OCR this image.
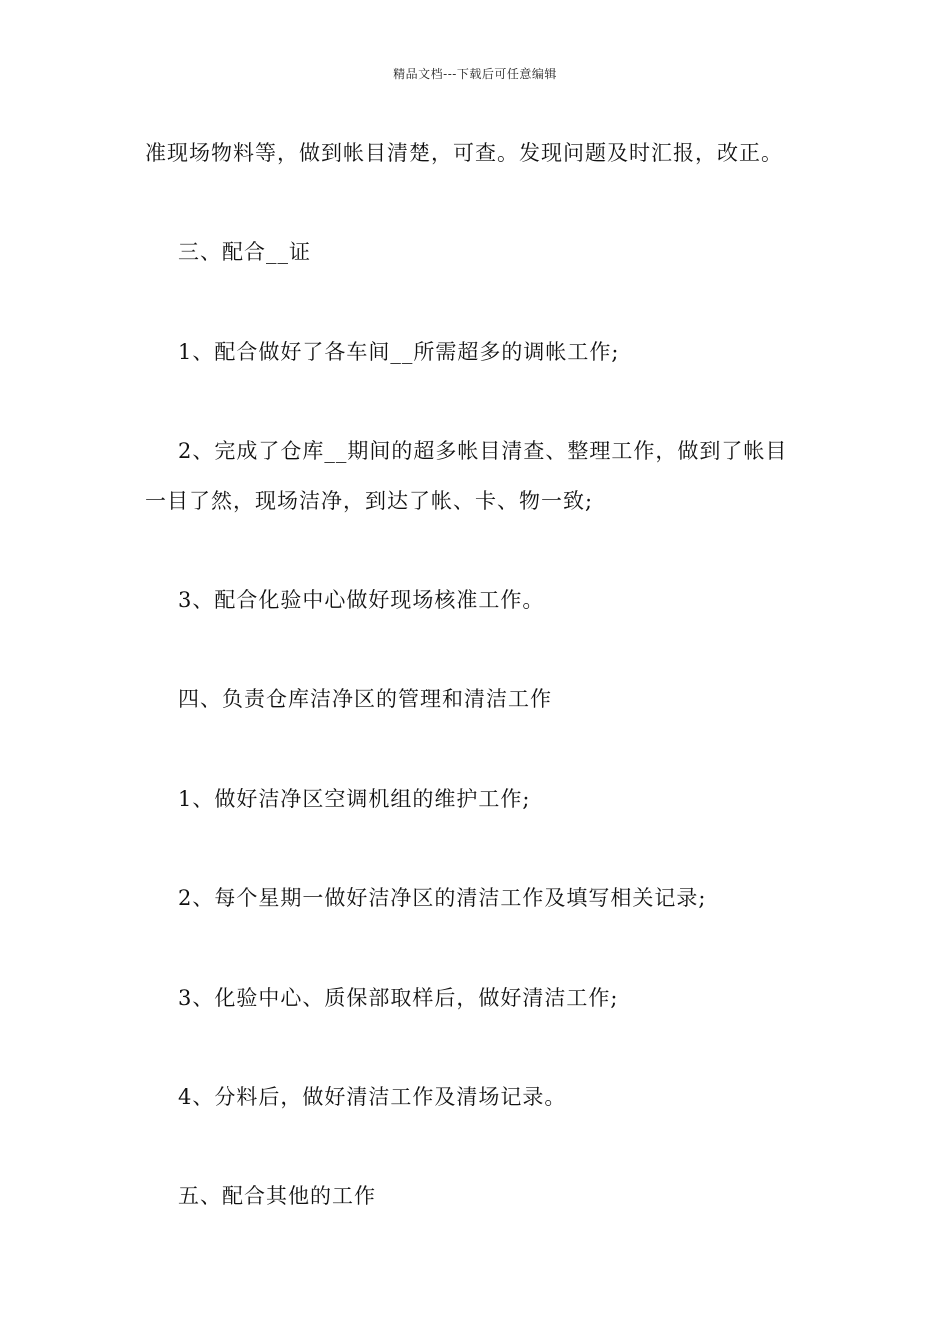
精品文档---下载后可任意编辑
准现场物料等，做到帐目清楚，可查。发现问题及时汇报，改正。
三、配合__证
1、配合做好了各车间__所需超多的调帐工作;
2、完成了仓库__期间的超多帐目清查、整理工作，做到了帐目
一目了然，现场洁净，到达了帐、卡、物一致;
3、配合化验中心做好现场核准工作。
四、负责仓库洁净区的管理和清洁工作
1、做好洁净区空调机组的维护工作;
2、每个星期一做好洁净区的清洁工作及填写相关记录;
3、化验中心、质保部取样后，做好清洁工作;
4、分料后，做好清洁工作及清场记录。
五、配合其他的工作
